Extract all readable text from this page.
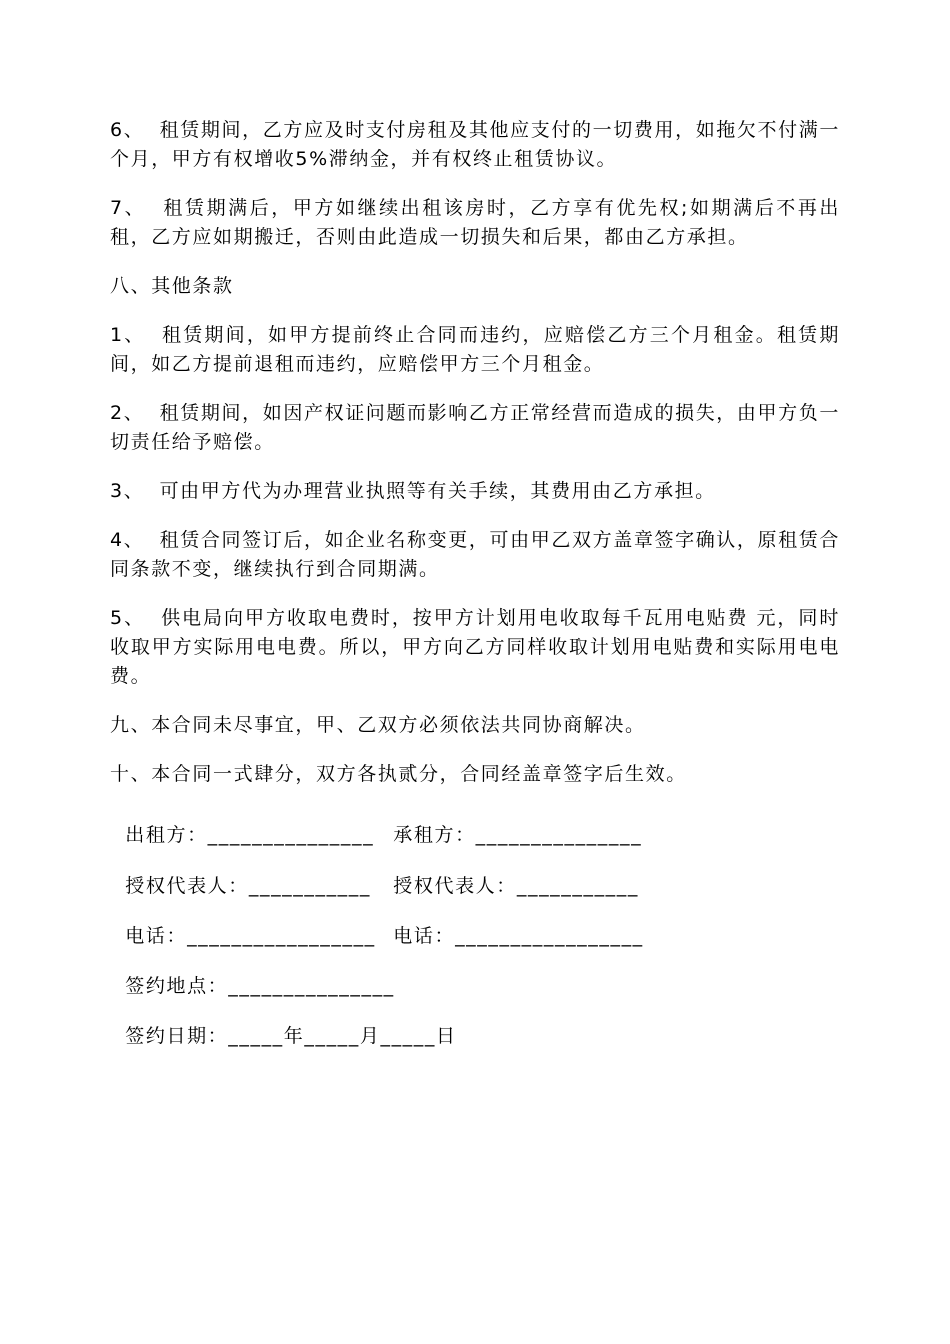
6、  租赁期间，乙方应及时支付房租及其他应支付的一切费用，如拖欠不付满一个月，甲方有权增收5%滞纳金，并有权终止租赁协议。

7、  租赁期满后，甲方如继续出租该房时，乙方享有优先权;如期满后不再出租，乙方应如期搬迁，否则由此造成一切损失和后果，都由乙方承担。

八、其他条款

1、  租赁期间，如甲方提前终止合同而违约，应赔偿乙方三个月租金。租赁期间，如乙方提前退租而违约，应赔偿甲方三个月租金。

2、  租赁期间，如因产权证问题而影响乙方正常经营而造成的损失，由甲方负一切责任给予赔偿。

3、  可由甲方代为办理营业执照等有关手续，其费用由乙方承担。

4、  租赁合同签订后，如企业名称变更，可由甲乙双方盖章签字确认，原租赁合同条款不变，继续执行到合同期满。

5、  供电局向甲方收取电费时，按甲方计划用电收取每千瓦用电贴费 元，同时收取甲方实际用电电费。所以，甲方向乙方同样收取计划用电贴费和实际用电电费。

九、本合同未尽事宜，甲、乙双方必须依法共同协商解决。

十、本合同一式肆分，双方各执贰分，合同经盖章签字后生效。

出租方：_______________	承租方：_______________

授权代表人：___________	授权代表人：___________

电话：_________________ 电话：_________________

签约地点：_______________

签约日期：_____年_____月_____日
